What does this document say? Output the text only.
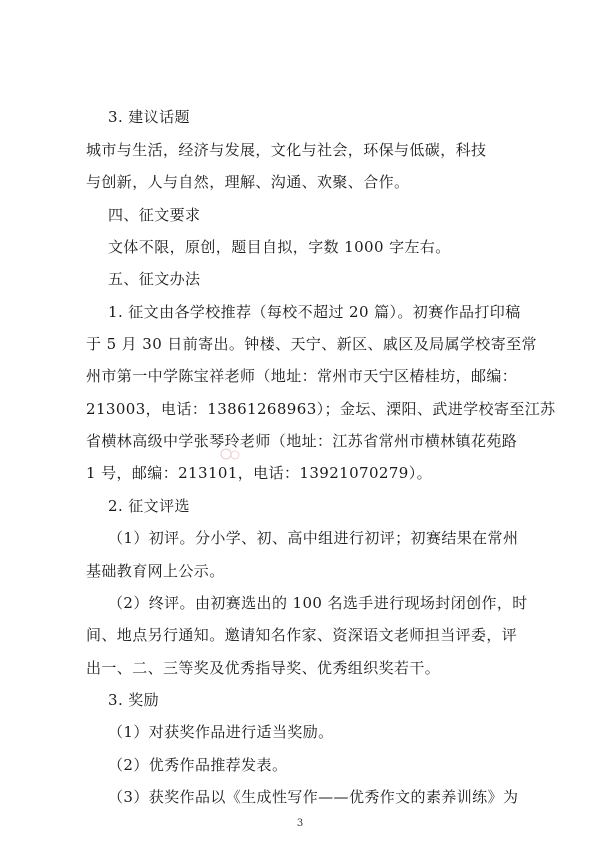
3. 建议话题
城市与生活，经济与发展，文化与社会，环保与低碳，科技
与创新，人与自然，理解、沟通、欢聚、合作。
四、征文要求
文体不限，原创，题目自拟，字数 1000 字左右。
五、征文办法
1. 征文由各学校推荐（每校不超过 20 篇）。初赛作品打印稿
于 5 月 30 日前寄出。钟楼、天宁、新区、戚区及局属学校寄至常
州市第一中学陈宝祥老师（地址：常州市天宁区椿桂坊，邮编：
213003，电话：13861268963）；金坛、溧阳、武进学校寄至江苏
省横林高级中学张琴玲老师（地址：江苏省常州市横林镇花苑路
1 号，邮编：213101，电话：13921070279）。
2. 征文评选
（1）初评。分小学、初、高中组进行初评；初赛结果在常州
基础教育网上公示。
（2）终评。由初赛选出的 100 名选手进行现场封闭创作，时
间、地点另行通知。邀请知名作家、资深语文老师担当评委，评
出一、二、三等奖及优秀指导奖、优秀组织奖若干。
3. 奖励
（1）对获奖作品进行适当奖励。
（2）优秀作品推荐发表。
（3）获奖作品以《生成性写作——优秀作文的素养训练》为
3
